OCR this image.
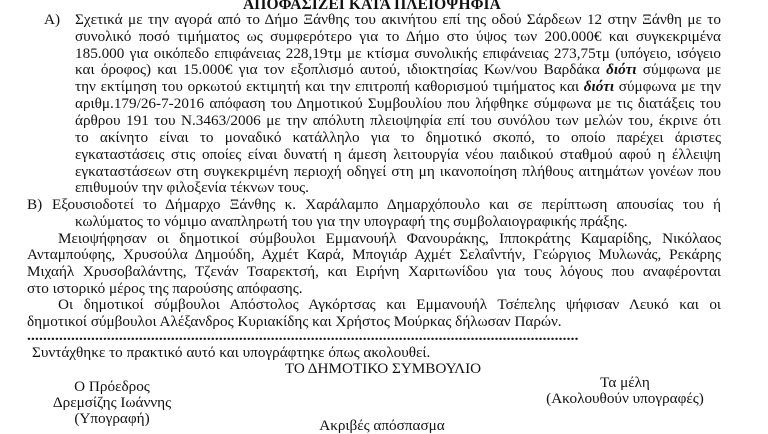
ΑΠΟΦΑΣΙΖΕΙ ΚΑΤΑ ΠΛΕΙΟΨΗΦΙΑ
Α) Σχετικά με την αγορά από το Δήμο Ξάνθης του ακινήτου επί της οδού Σάρδεων 12 στην Ξάνθη με το
συνολικό ποσό τιμήματος ως συμφερότερο για το Δήμο στο ύψος των 200.000€ και συγκεκριμένα
185.000 για οικόπεδο επιφάνειας 228,19τμ με κτίσμα συνολικής επιφάνειας 273,75τμ (υπόγειο, ισόγειο
και όροφος) και 15.000€ για τον εξοπλισμό αυτού, ιδιοκτησίας Κων/νου Βαρδάκα διότι σύμφωνα με
την εκτίμηση του ορκωτού εκτιμητή και την επιτροπή καθορισμού τιμήματος και διότι σύμφωνα με την
αριθμ.179/26-7-2016 απόφαση του Δημοτικού Συμβουλίου που λήφθηκε σύμφωνα με τις διατάξεις του
άρθρου 191 του Ν.3463/2006 με την απόλυτη πλειοψηφία επί του συνόλου των μελών του, έκρινε ότι
το ακίνητο είναι το μοναδικό κατάλληλο για το δημοτικό σκοπό, το οποίο παρέχει άριστες
εγκαταστάσεις στις οποίες είναι δυνατή η άμεση λειτουργία νέου παιδικού σταθμού αφού η έλλειψη
εγκαταστάσεων στη συγκεκριμένη περιοχή οδηγεί στη μη ικανοποίηση πλήθους αιτημάτων γονέων που
επιθυμούν την φιλοξενία τέκνων τους.
Β) Εξουσιοδοτεί το Δήμαρχο Ξάνθης κ. Χαράλαμπο Δημαρχόπουλο και σε περίπτωση απουσίας του ή
κωλύματος το νόμιμο αναπληρωτή του για την υπογραφή της συμβολαιογραφικής πράξης.
Μειοψήφησαν οι δημοτικοί σύμβουλοι Εμμανουήλ Φανουράκης, Ιπποκράτης Καμαρίδης, Νικόλαος
Ανταμπούφης, Χρυσούλα Δημούδη, Αχμέτ Καρά, Μπογιάρ Αχμέτ Σελαΐντήν, Γεώργιος Μυλωνάς, Ρεκάρης
Μιχαήλ Χρυσοβαλάντης, Τζενάν Τσαρεκτσή, και Ειρήνη Χαριτωνίδου για τους λόγους που αναφέρονται
στο ιστορικό μέρος της παρούσης απόφασης.
Οι δημοτικοί σύμβουλοι Απόστολος Αγκόρτσας και Εμμανουήλ Τσέπελης ψήφισαν Λευκό και οι
δημοτικοί σύμβουλοι Αλέξανδρος Κυριακίδης και Χρήστος Μούρκας δήλωσαν Παρών.
..........................................................................................................................................
Συντάχθηκε το πρακτικό αυτό και υπογράφτηκε όπως ακολουθεί.
ΤΟ ΔΗΜΟΤΙΚΟ ΣΥΜΒΟΥΛΙΟ
Ο Πρόεδρος
Δρεμσίζης Ιωάννης
(Υπογραφή)
Τα μέλη
(Ακολουθούν υπογραφές)
Ακριβές απόσπασμα
